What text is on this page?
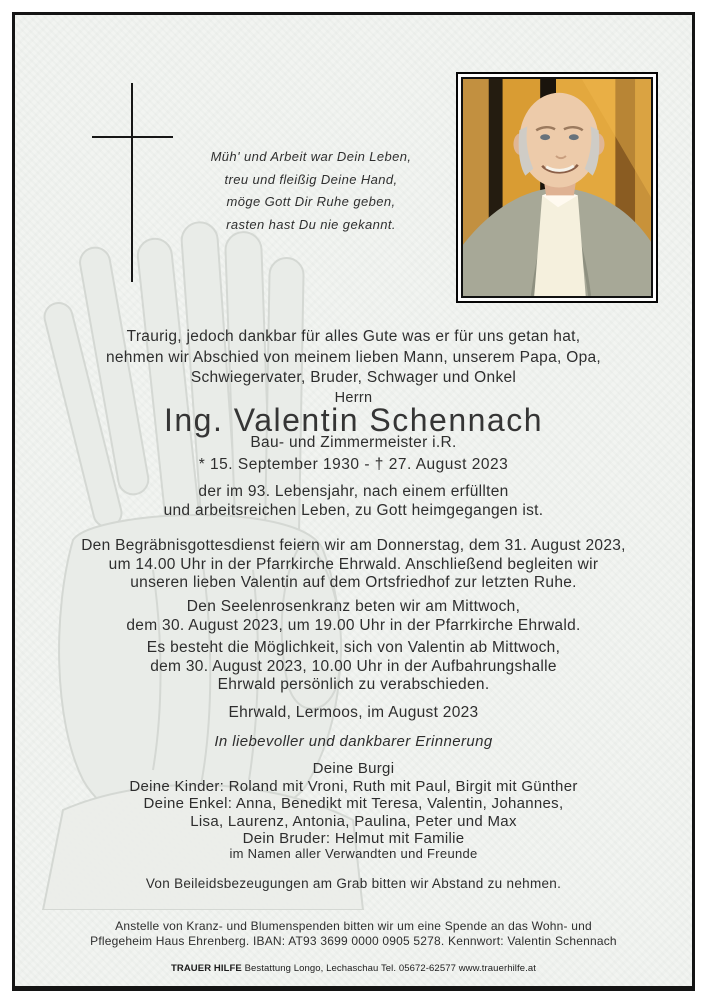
Müh' und Arbeit war Dein Leben,
treu und fleißig Deine Hand,
möge Gott Dir Ruhe geben,
rasten hast Du nie gekannt.
Traurig, jedoch dankbar für alles Gute was er für uns getan hat,
nehmen wir Abschied von meinem lieben Mann, unserem Papa, Opa,
Schwiegervater, Bruder, Schwager und Onkel
Herrn
Ing. Valentin Schennach
Bau- und Zimmermeister i.R.
* 15. September 1930 - † 27. August 2023
der im 93. Lebensjahr, nach einem erfüllten
und arbeitsreichen Leben, zu Gott heimgegangen ist.
Den Begräbnisgottesdienst feiern wir am Donnerstag, dem 31. August 2023,
um 14.00 Uhr in der Pfarrkirche Ehrwald. Anschließend begleiten wir
unseren lieben Valentin auf dem Ortsfriedhof zur letzten Ruhe.
Den Seelenrosenkranz beten wir am Mittwoch,
dem 30. August 2023, um 19.00 Uhr in der Pfarrkirche Ehrwald.
Es besteht die Möglichkeit, sich von Valentin ab Mittwoch,
dem 30. August 2023, 10.00 Uhr in der Aufbahrungshalle
Ehrwald persönlich zu verabschieden.
Ehrwald, Lermoos, im August 2023
In liebevoller und dankbarer Erinnerung
Deine Burgi
Deine Kinder: Roland mit Vroni, Ruth mit Paul, Birgit mit Günther
Deine Enkel: Anna, Benedikt mit Teresa, Valentin, Johannes,
Lisa, Laurenz, Antonia, Paulina, Peter und Max
Dein Bruder: Helmut mit Familie
im Namen aller Verwandten und Freunde
Von Beileidsbezeugungen am Grab bitten wir Abstand zu nehmen.
Anstelle von Kranz- und Blumenspenden bitten wir um eine Spende an das Wohn- und
Pflegeheim Haus Ehrenberg. IBAN: AT93 3699 0000 0905 5278. Kennwort: Valentin Schennach
TRAUER HILFE Bestattung Longo, Lechaschau Tel. 05672-62577 www.trauerhilfe.at
